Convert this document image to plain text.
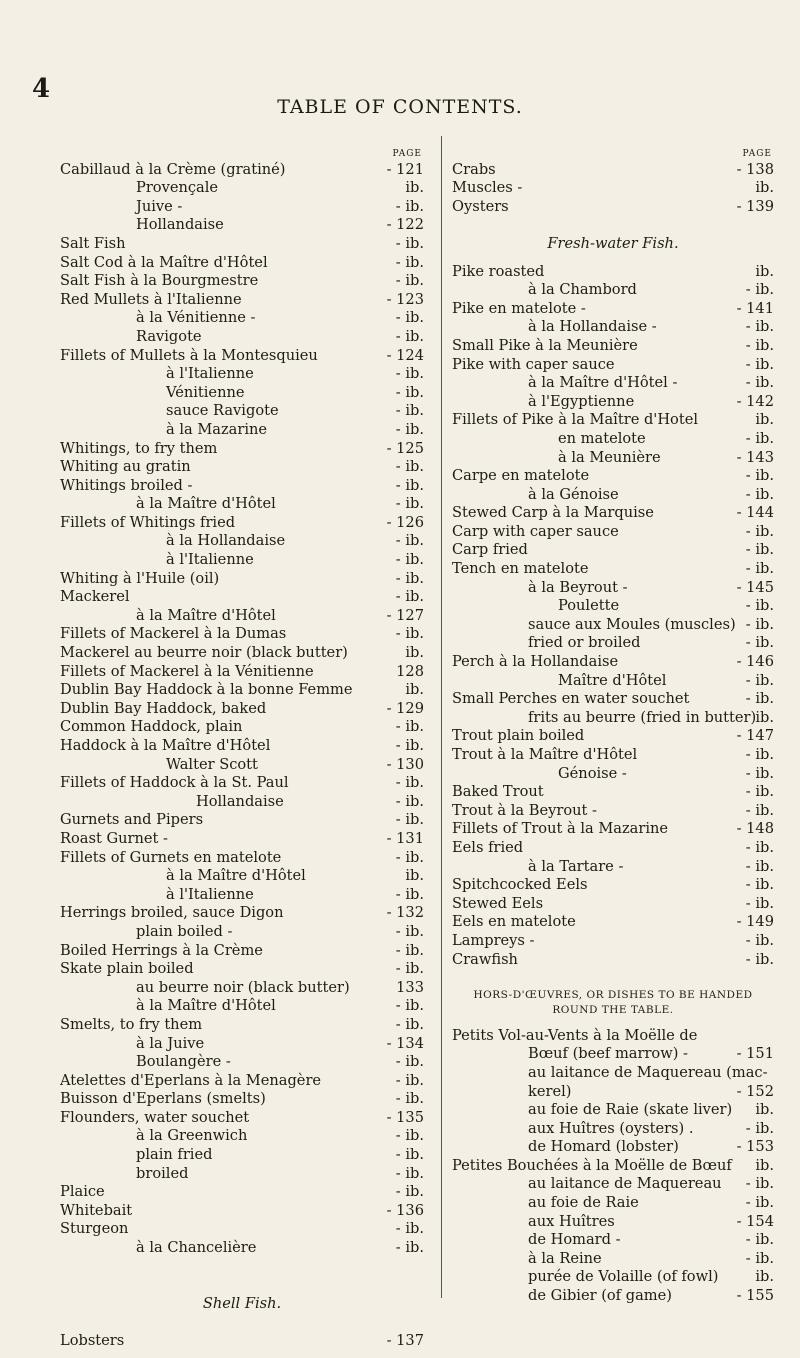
4
TABLE OF CONTENTS.
PAGE
Cabillaud à la Crème (gratiné)	- 121
Provençale	ib.
Juive -	- ib.
Hollandaise	- 122
Salt Fish	- ib.
Salt Cod à la Maître d'Hôtel	- ib.
Salt Fish à la Bourgmestre	- ib.
Red Mullets à l'Italienne	- 123
à la Vénitienne -	- ib.
Ravigote	- ib.
Fillets of Mullets à la Montesquieu	- 124
à l'Italienne	- ib.
Vénitienne	- ib.
sauce Ravigote	- ib.
à la Mazarine	- ib.
Whitings, to fry them	- 125
Whiting au gratin	- ib.
Whitings broiled -	- ib.
à la Maître d'Hôtel	- ib.
Fillets of Whitings fried	- 126
à la Hollandaise	- ib.
à l'Italienne	- ib.
Whiting à l'Huile (oil)	- ib.
Mackerel	- ib.
à la Maître d'Hôtel	- 127
Fillets of Mackerel à la Dumas	- ib.
Mackerel au beurre noir (black butter)	ib.
Fillets of Mackerel à la Vénitienne	128
Dublin Bay Haddock à la bonne Femme	ib.
Dublin Bay Haddock, baked	- 129
Common Haddock, plain	- ib.
Haddock à la Maître d'Hôtel	- ib.
Walter Scott	- 130
Fillets of Haddock à la St. Paul	- ib.
Hollandaise	- ib.
Gurnets and Pipers	- ib.
Roast Gurnet -	- 131
Fillets of Gurnets en matelote	- ib.
à la Maître d'Hôtel	ib.
à l'Italienne	- ib.
Herrings broiled, sauce Digon	- 132
plain boiled -	- ib.
Boiled Herrings à la Crème	- ib.
Skate plain boiled	- ib.
au beurre noir (black butter)	133
à la Maître d'Hôtel	- ib.
Smelts, to fry them	- ib.
à la Juive	- 134
Boulangère -	- ib.
Atelettes d'Eperlans à la Menagère	- ib.
Buisson d'Eperlans (smelts)	- ib.
Flounders, water souchet	- 135
à la Greenwich	- ib.
plain fried	- ib.
broiled	- ib.
Plaice	- ib.
Whitebait	- 136
Sturgeon	- ib.
à la Chancelière	- ib.
Shell Fish.
Lobsters	- 137
PAGE
Crabs	- 138
Muscles -	ib.
Oysters	- 139
Fresh-water Fish.
Pike roasted	ib.
à la Chambord	- ib.
Pike en matelote -	- 141
à la Hollandaise -	- ib.
Small Pike à la Meunière	- ib.
Pike with caper sauce	- ib.
à la Maître d'Hôtel -	- ib.
à l'Egyptienne	- 142
Fillets of Pike à la Maître d'Hotel	ib.
en matelote	- ib.
à la Meunière	- 143
Carpe en matelote	- ib.
à la Génoise	- ib.
Stewed Carp à la Marquise	- 144
Carp with caper sauce	- ib.
Carp fried	- ib.
Tench en matelote	- ib.
à la Beyrout -	- 145
Poulette	- ib.
sauce aux Moules (muscles) - ib.
fried or broiled	- ib.
Perch à la Hollandaise	- 146
Maître d'Hôtel	- ib.
Small Perches en water souchet	- ib.
frits au beurre (fried in butter) ib.
Trout plain boiled	- 147
Trout à la Maître d'Hôtel	- ib.
Génoise -	- ib.
Baked Trout	- ib.
Trout à la Beyrout -	- ib.
Fillets of Trout à la Mazarine	- 148
Eels fried	- ib.
à la Tartare -	- ib.
Spitchcocked Eels	- ib.
Stewed Eels	- ib.
Eels en matelote	- 149
Lampreys -	- ib.
Crawfish	- ib.
HORS-D'ŒUVRES, OR DISHES TO BE HANDED
ROUND THE TABLE.
Petits Vol-au-Vents à la Moëlle de
Bœuf (beef marrow) -	- 151
au laitance de Maquereau (mac-
kerel)	- 152
au foie de Raie (skate liver) ib.
aux Huîtres (oysters) .	- ib.
de Homard (lobster)	- 153
Petites Bouchées à la Moëlle de Bœuf ib.
au laitance de Maquereau - ib.
au foie de Raie	- ib.
aux Huîtres	- 154
de Homard -	- ib.
à la Reine	- ib.
purée de Volaille (of fowl)	ib.
de Gibier (of game)	- 155
